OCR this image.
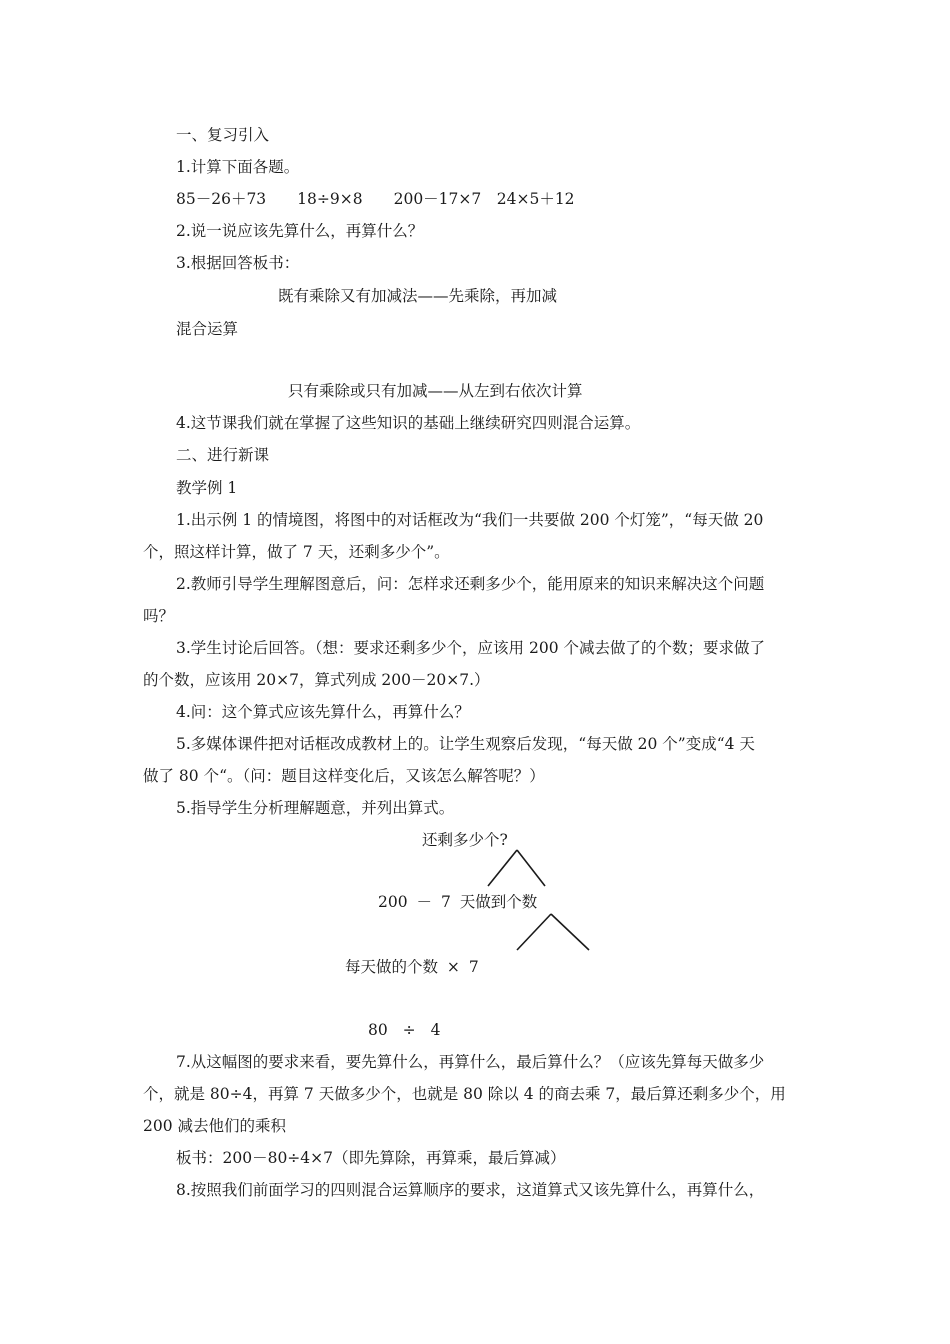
一、复习引入

1.计算下面各题。

85－26＋73　　18÷9×8　　200－17×7　24×5＋12

2.说一说应该先算什么，再算什么？

3.根据回答板书：

既有乘除又有加减法——先乘除，再加减

混合运算

只有乘除或只有加减——从左到右依次计算

4.这节课我们就在掌握了这些知识的基础上继续研究四则混合运算。

二、进行新课

教学例 1

1.出示例 1 的情境图，将图中的对话框改为“我们一共要做 200 个灯笼”，“每天做 20

个，照这样计算，做了 7 天，还剩多少个”。

2.教师引导学生理解图意后，问：怎样求还剩多少个，能用原来的知识来解决这个问题

吗？

3.学生讨论后回答。（想：要求还剩多少个，应该用 200 个减去做了的个数；要求做了

的个数，应该用 20×7，算式列成 200－20×7.）

4.问：这个算式应该先算什么，再算什么？

5.多媒体课件把对话框改成教材上的。让学生观察后发现，“每天做 20 个”变成“4 天

做了 80 个“。（问：题目这样变化后，又该怎么解答呢？）

5.指导学生分析理解题意，并列出算式。

还剩多少个?

200 － 7 天做到个数

每天做的个数 × 7

80 ÷ 4

7.从这幅图的要求来看，要先算什么，再算什么，最后算什么？（应该先算每天做多少

个，就是 80÷4，再算 7 天做多少个，也就是 80 除以 4 的商去乘 7，最后算还剩多少个，用

200 减去他们的乘积

板书：200－80÷4×7（即先算除，再算乘，最后算减）

8.按照我们前面学习的四则混合运算顺序的要求，这道算式又该先算什么，再算什么，
